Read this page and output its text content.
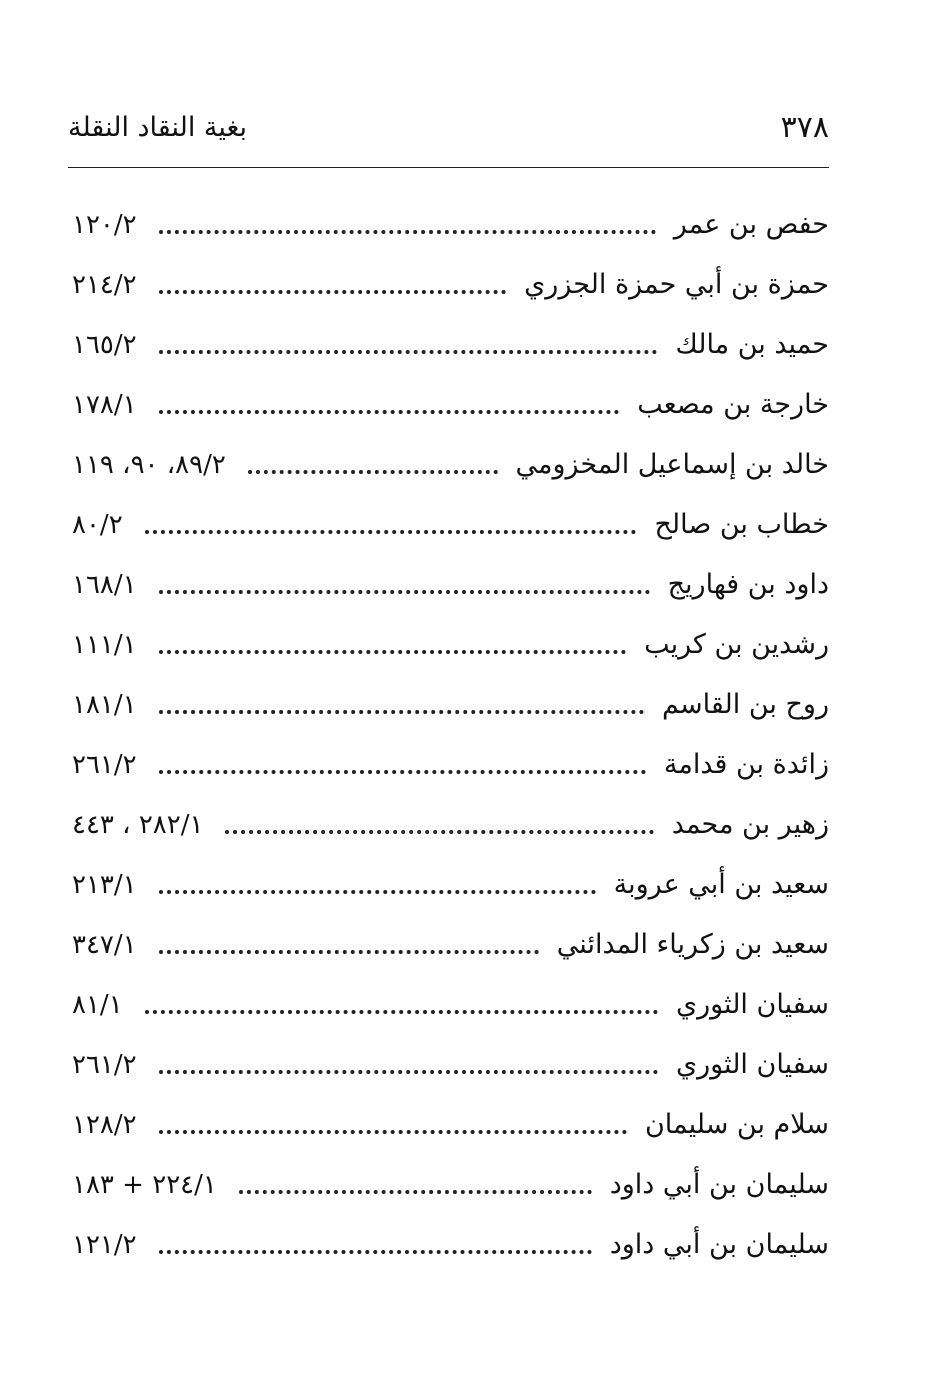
٣٧٨
بغية النقاد النقلة
حفص بن عمر
١٢٠/٢
حمزة بن أبي حمزة الجزري
٢١٤/٢
حميد بن مالك
١٦٥/٢
خارجة بن مصعب
١٧٨/١
خالد بن إسماعيل المخزومي
٨٩/٢، ٩٠، ١١٩
خطاب بن صالح
٨٠/٢
داود بن فهاريج
١٦٨/١
رشدين بن كريب
١١١/١
روح بن القاسم
١٨١/١
زائدة بن قدامة
٢٦١/٢
زهير بن محمد
٢٨٢/١ ، ٤٤٣
سعيد بن أبي عروبة
٢١٣/١
سعيد بن زكرياء المدائني
٣٤٧/١
سفيان الثوري
٨١/١
سفيان الثوري
٢٦١/٢
سلام بن سليمان
١٢٨/٢
سليمان بن أبي داود
٢٢٤/١ + ١٨٣
سليمان بن أبي داود
١٢١/٢
